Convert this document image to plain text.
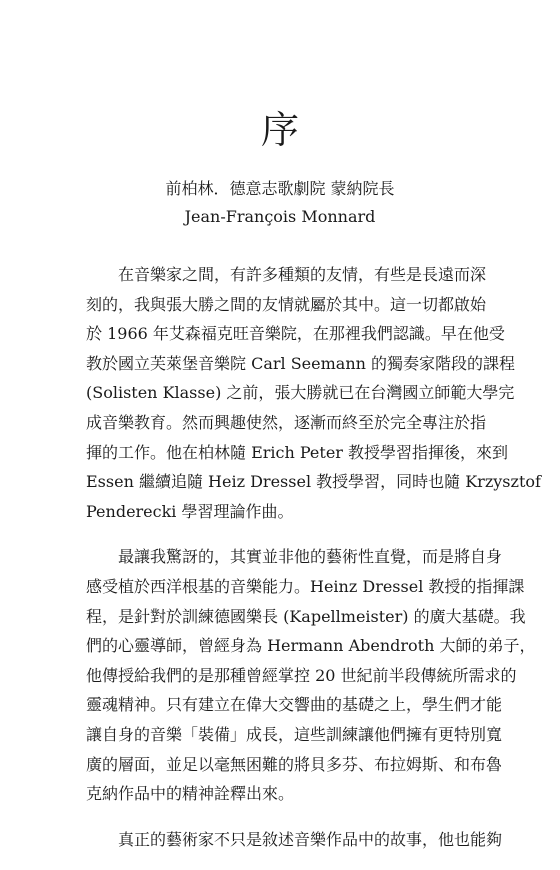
序
前柏林．德意志歌劇院 蒙納院長
Jean-François Monnard
在音樂家之間，有許多種類的友情，有些是長遠而深
刻的，我與張大勝之間的友情就屬於其中。這一切都啟始
於 1966 年艾森福克旺音樂院，在那裡我們認識。早在他受
教於國立芙萊堡音樂院 Carl Seemann 的獨奏家階段的課程
(Solisten Klasse) 之前，張大勝就已在台灣國立師範大學完
成音樂教育。然而興趣使然，逐漸而終至於完全專注於指
揮的工作。他在柏林隨 Erich Peter 教授學習指揮後，來到
Essen 繼續追隨 Heiz Dressel 教授學習，同時也隨 Krzysztof
Penderecki 學習理論作曲。
最讓我驚訝的，其實並非他的藝術性直覺，而是將自身
感受植於西洋根基的音樂能力。Heinz Dressel 教授的指揮課
程，是針對於訓練德國樂長 (Kapellmeister) 的廣大基礎。我
們的心靈導師，曾經身為 Hermann Abendroth 大師的弟子，
他傳授給我們的是那種曾經掌控 20 世紀前半段傳統所需求的
靈魂精神。只有建立在偉大交響曲的基礎之上，學生們才能
讓自身的音樂「裝備」成長，這些訓練讓他們擁有更特別寬
廣的層面，並足以毫無困難的將貝多芬、布拉姆斯、和布魯
克納作品中的精神詮釋出來。
真正的藝術家不只是敘述音樂作品中的故事，他也能夠
